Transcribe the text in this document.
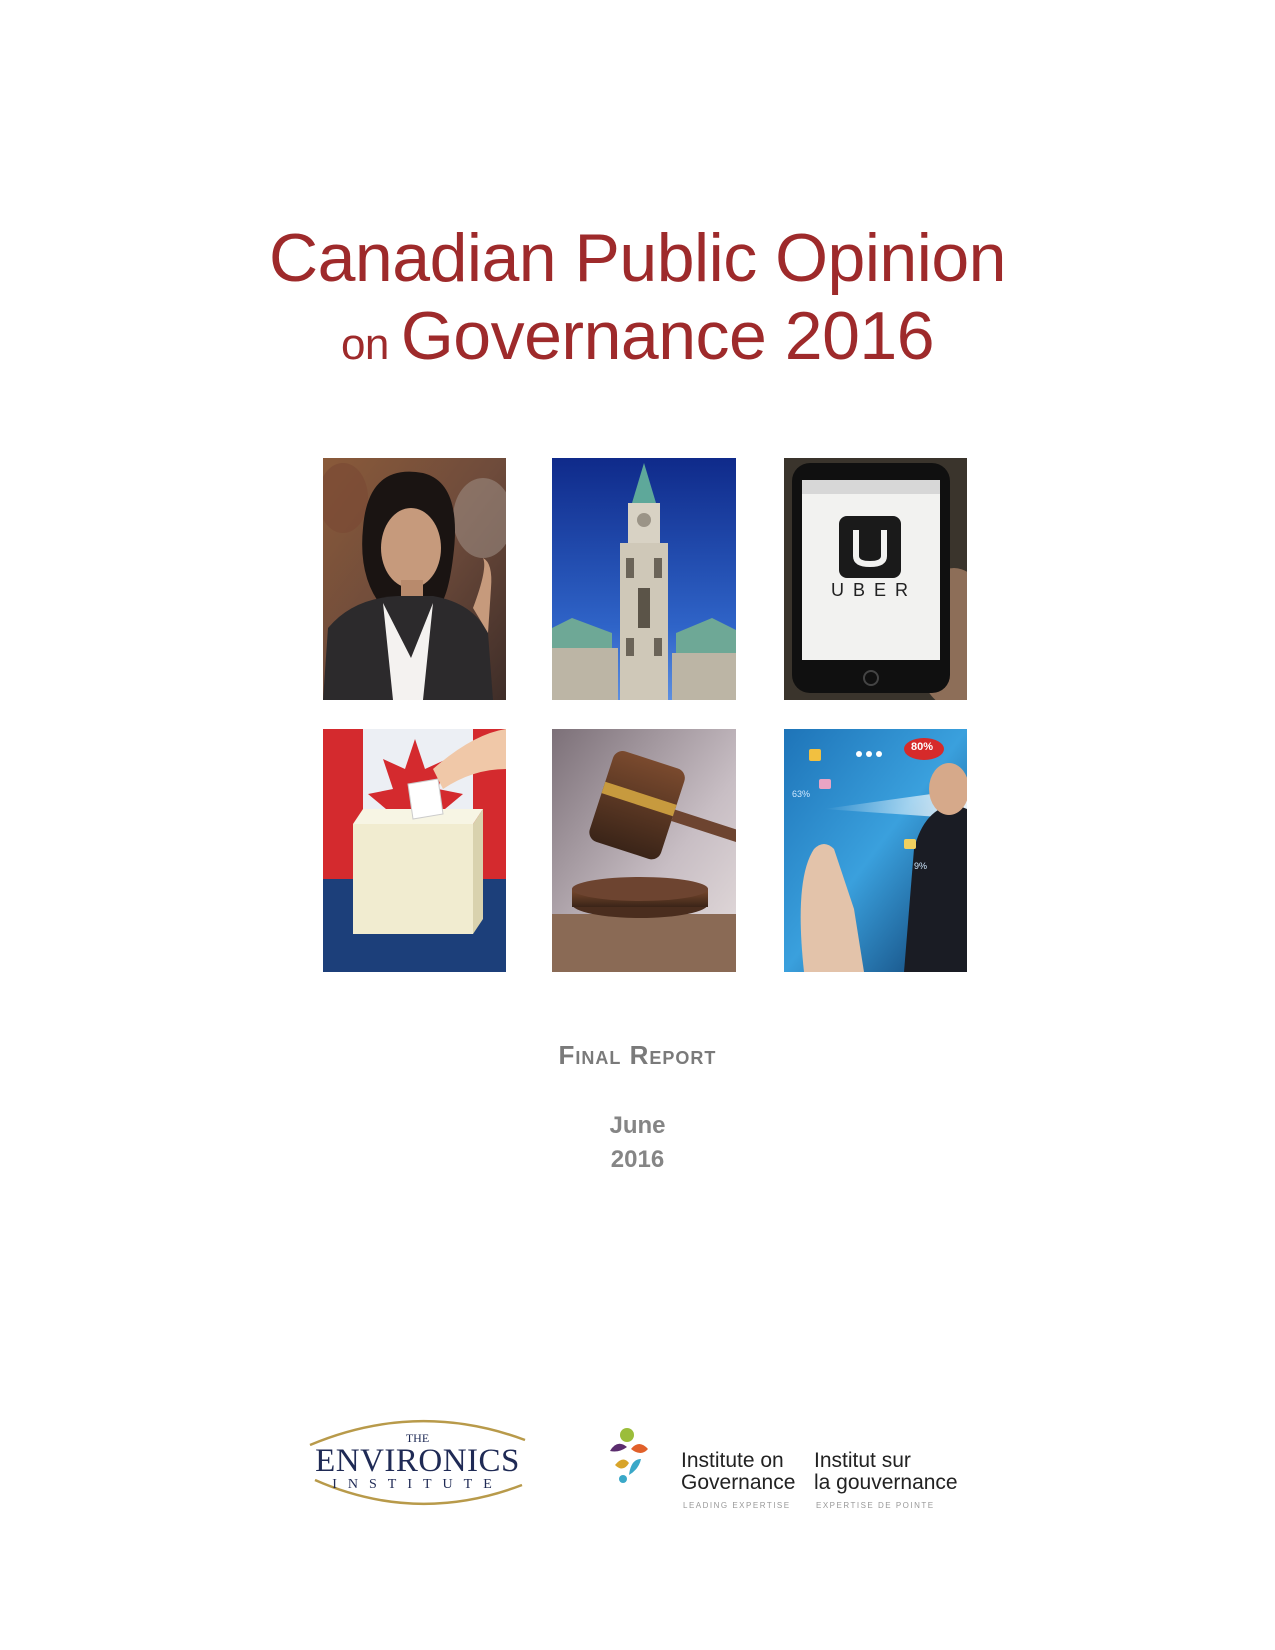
Canadian Public Opinion
on Governance 2016
UBER
80%
63%
9%
Final Report
June
2016
THE
ENVIRONICS
INSTITUTE
Institute on
Governance
LEADING EXPERTISE
Institut sur
la gouvernance
EXPERTISE DE POINTE
